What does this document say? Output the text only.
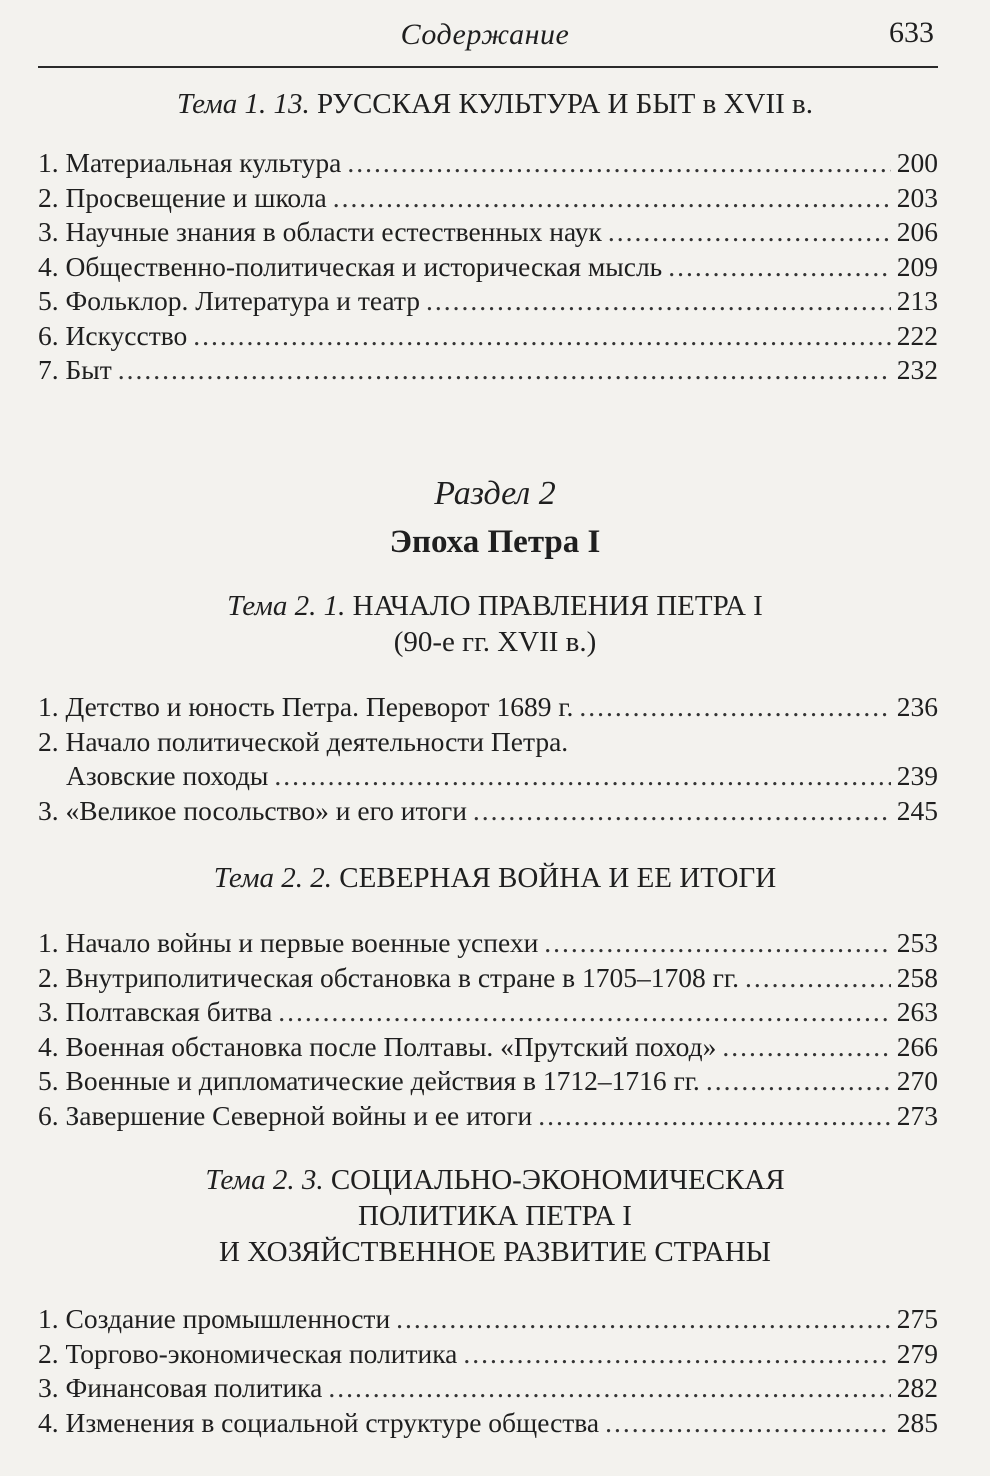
Содержание	633
Тема 1. 13. РУССКАЯ КУЛЬТУРА И БЫТ в XVII в.
1. Материальная культура .....	200
2. Просвещение и школа .....	203
3. Научные знания в области естественных наук .....	206
4. Общественно-политическая и историческая мысль .....	209
5. Фольклор. Литература и театр .....	213
6. Искусство .....	222
7. Быт .....	232
Раздел 2
Эпоха Петра I
Тема 2. 1. НАЧАЛО ПРАВЛЕНИЯ ПЕТРА I
(90-е гг. XVII в.)
1. Детство и юность Петра. Переворот 1689 г. .....	236
2. Начало политической деятельности Петра.
Азовские походы .....	239
3. «Великое посольство» и его итоги .....	245
Тема 2. 2. СЕВЕРНАЯ ВОЙНА И ЕЕ ИТОГИ
1. Начало войны и первые военные успехи .....	253
2. Внутриполитическая обстановка в стране в 1705–1708 гг. .....	258
3. Полтавская битва .....	263
4. Военная обстановка после Полтавы. «Прутский поход» .....	266
5. Военные и дипломатические действия в 1712–1716 гг. .....	270
6. Завершение Северной войны и ее итоги .....	273
Тема 2. 3. СОЦИАЛЬНО-ЭКОНОМИЧЕСКАЯ
ПОЛИТИКА ПЕТРА I
И ХОЗЯЙСТВЕННОЕ РАЗВИТИЕ СТРАНЫ
1. Создание промышленности .....	275
2. Торгово-экономическая политика .....	279
3. Финансовая политика .....	282
4. Изменения в социальной структуре общества .....	285
